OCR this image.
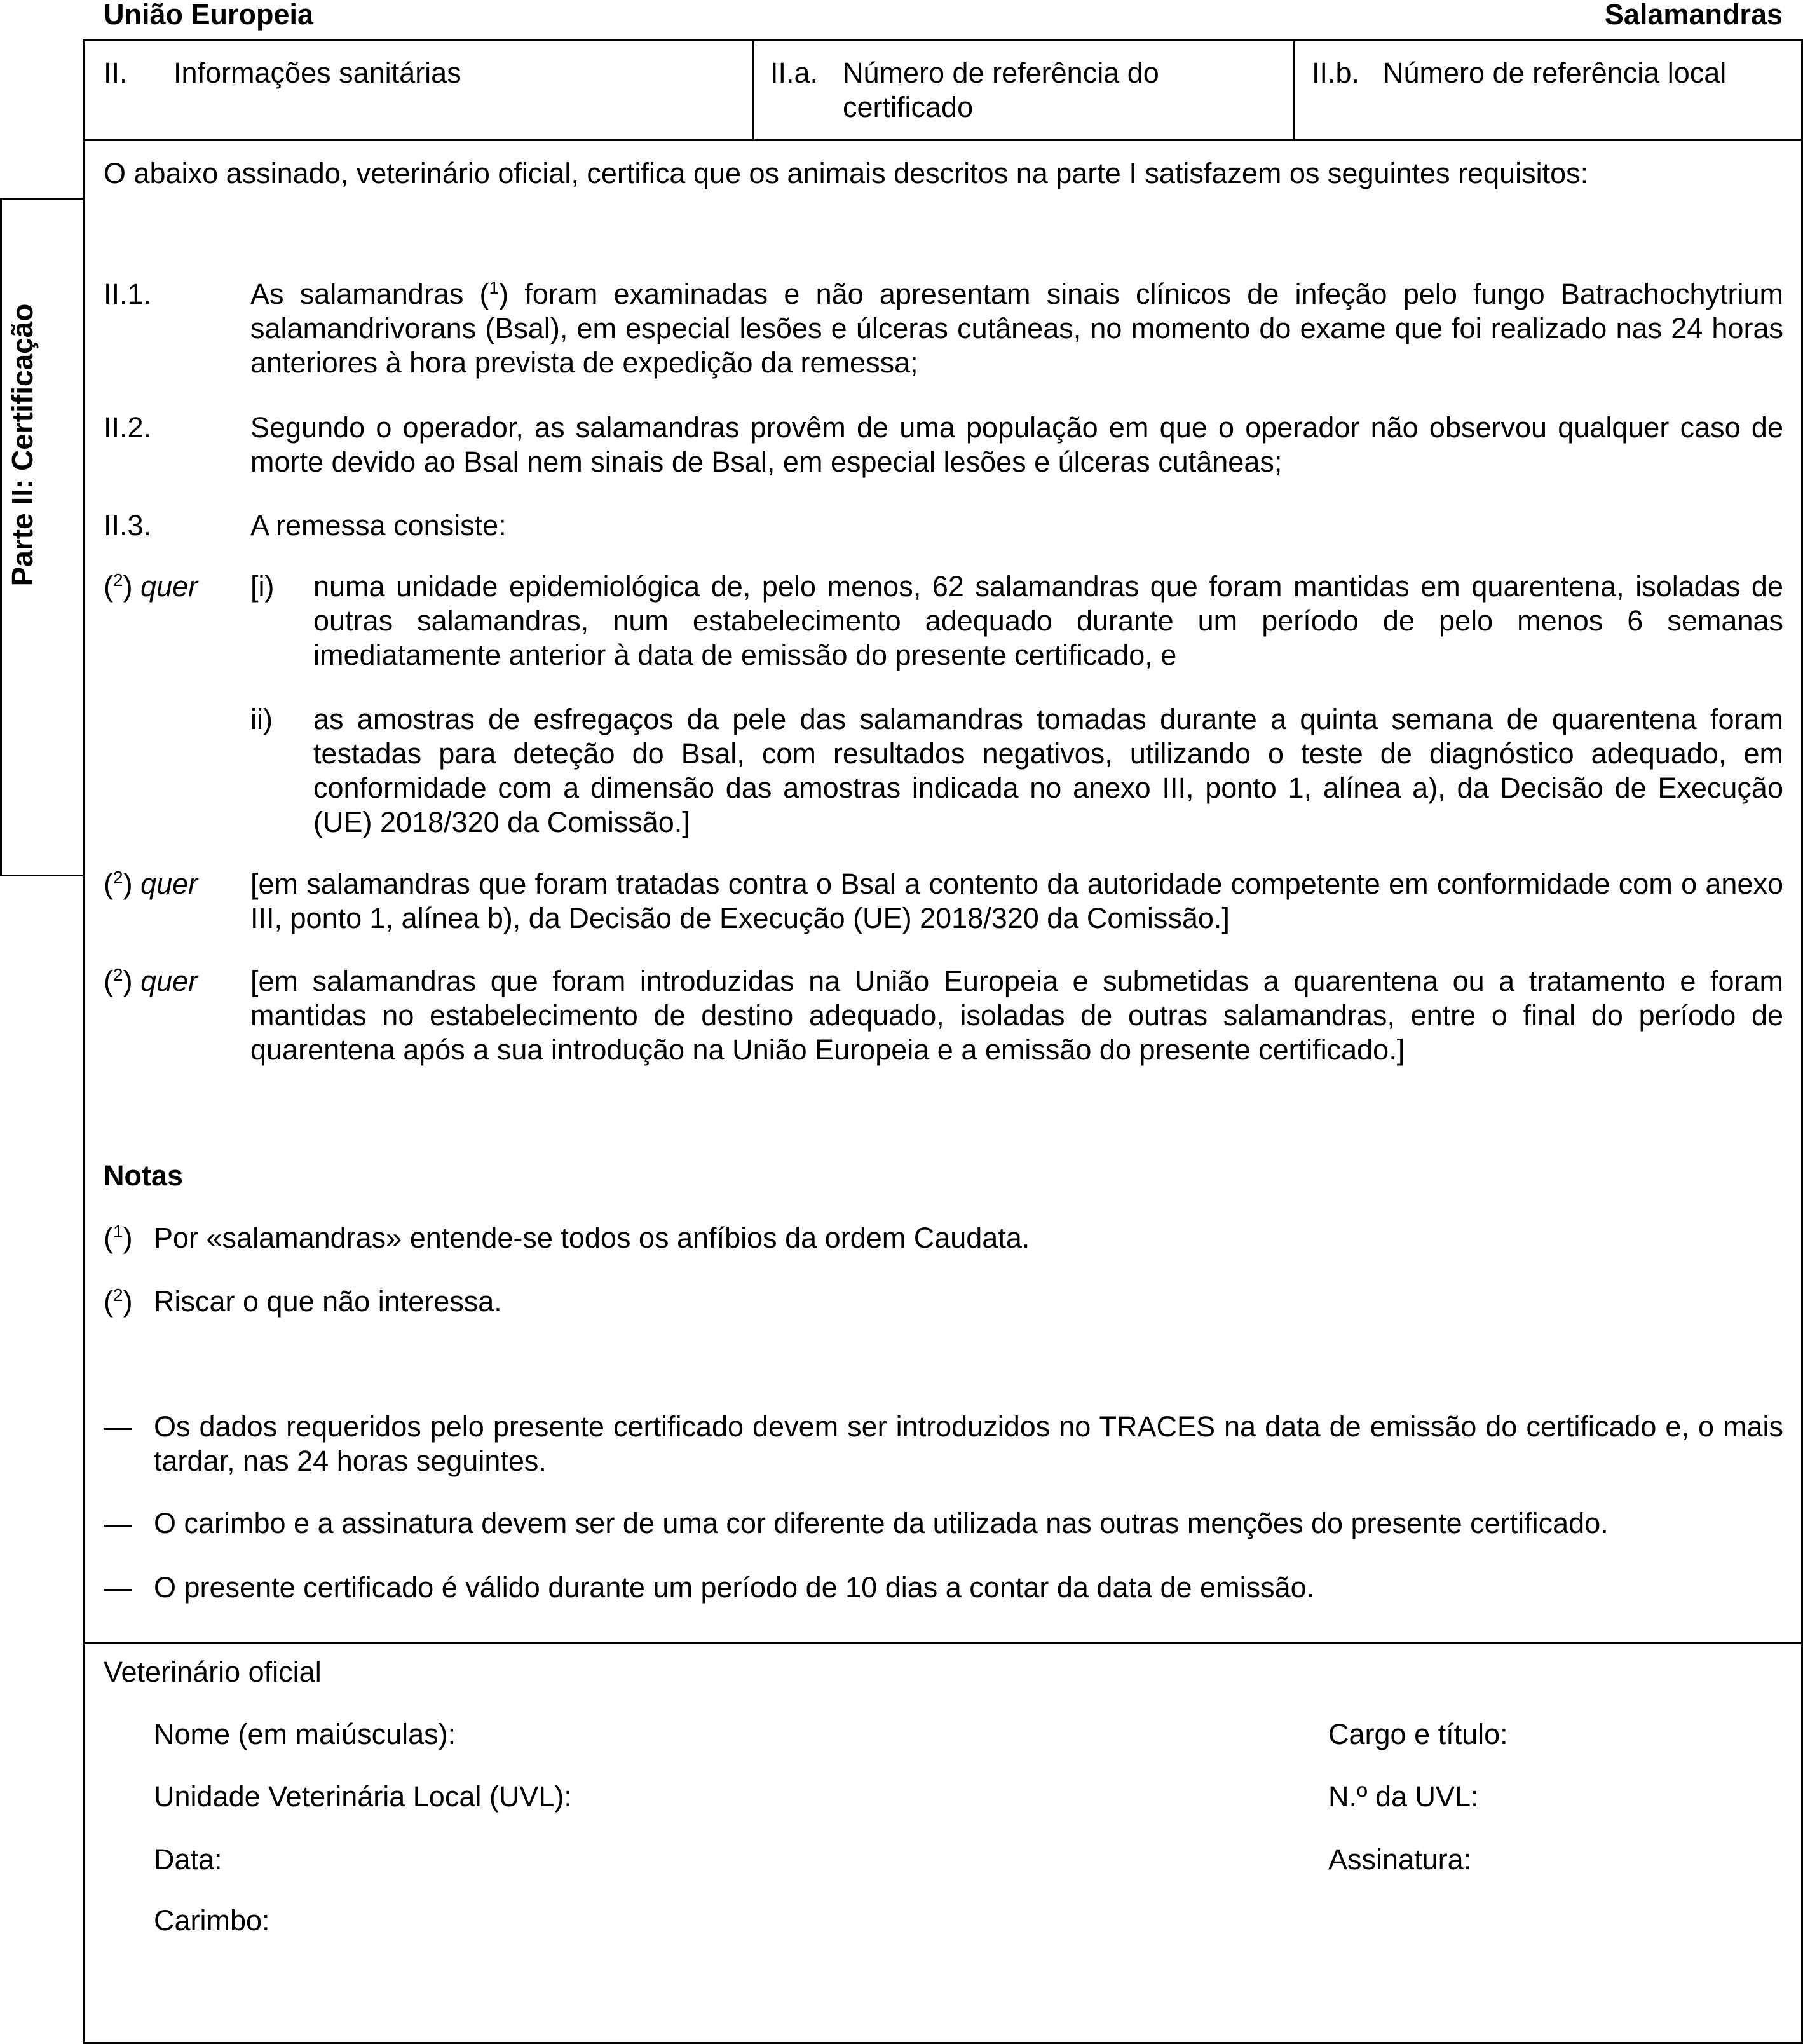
União Europeia	Salamandras
Parte II: Certificação
II. Informações sanitárias	II.a. Número de referência do certificado
II.b. Número de referência local
O abaixo assinado, veterinário oficial, certifica que os animais descritos na parte I satisfazem os seguintes requisitos:
II.1.	As salamandras ($^1$) foram examinadas e não apresentam sinais clínicos de infeção pelo fungo Batrachochytrium salamandrivorans (Bsal), em especial lesões e úlceras cutâneas, no momento do exame que foi realizado nas 24 horas anteriores à hora prevista de expedição da remessa;
II.2.	Segundo o operador, as salamandras provêm de uma população em que o operador não observou qualquer caso de morte devido ao Bsal nem sinais de Bsal, em especial lesões e úlceras cutâneas;
II.3.	A remessa consiste:
($^2$) quer [i) numa unidade epidemiológica de, pelo menos, 62 salamandras que foram mantidas em quarentena, isoladas de outras salamandras, num estabelecimento adequado durante um período de pelo menos 6 semanas imediatamente anterior à data de emissão do presente certificado, e
ii) as amostras de esfregaços da pele das salamandras tomadas durante a quinta semana de quarentena foram testadas para deteção do Bsal, com resultados negativos, utilizando o teste de diagnóstico adequado, em conformidade com a dimensão das amostras indicada no anexo III, ponto 1, alínea a), da Decisão de Execução (UE) 2018/320 da Comissão.]
($^2$) quer [em salamandras que foram tratadas contra o Bsal a contento da autoridade competente em conformidade com o anexo III, ponto 1, alínea b), da Decisão de Execução (UE) 2018/320 da Comissão.]
($^2$) quer [em salamandras que foram introduzidas na União Europeia e submetidas a quarentena ou a tratamento e foram mantidas no estabelecimento de destino adequado, isoladas de outras salamandras, entre o final do período de quarentena após a sua introdução na União Europeia e a emissão do presente certificado.]
Notas
($^1$) Por «salamandras» entende-se todos os anfíbios da ordem Caudata.
($^2$) Riscar o que não interessa.
— Os dados requeridos pelo presente certificado devem ser introduzidos no TRACES na data de emissão do certificado e, o mais tardar, nas 24 horas seguintes.
— O carimbo e a assinatura devem ser de uma cor diferente da utilizada nas outras menções do presente certificado.
— O presente certificado é válido durante um período de 10 dias a contar da data de emissão.
Veterinário oficial
Nome (em maiúsculas):	Cargo e título:
Unidade Veterinária Local (UVL):	N.º da UVL:
Data:	Assinatura:
Carimbo:
